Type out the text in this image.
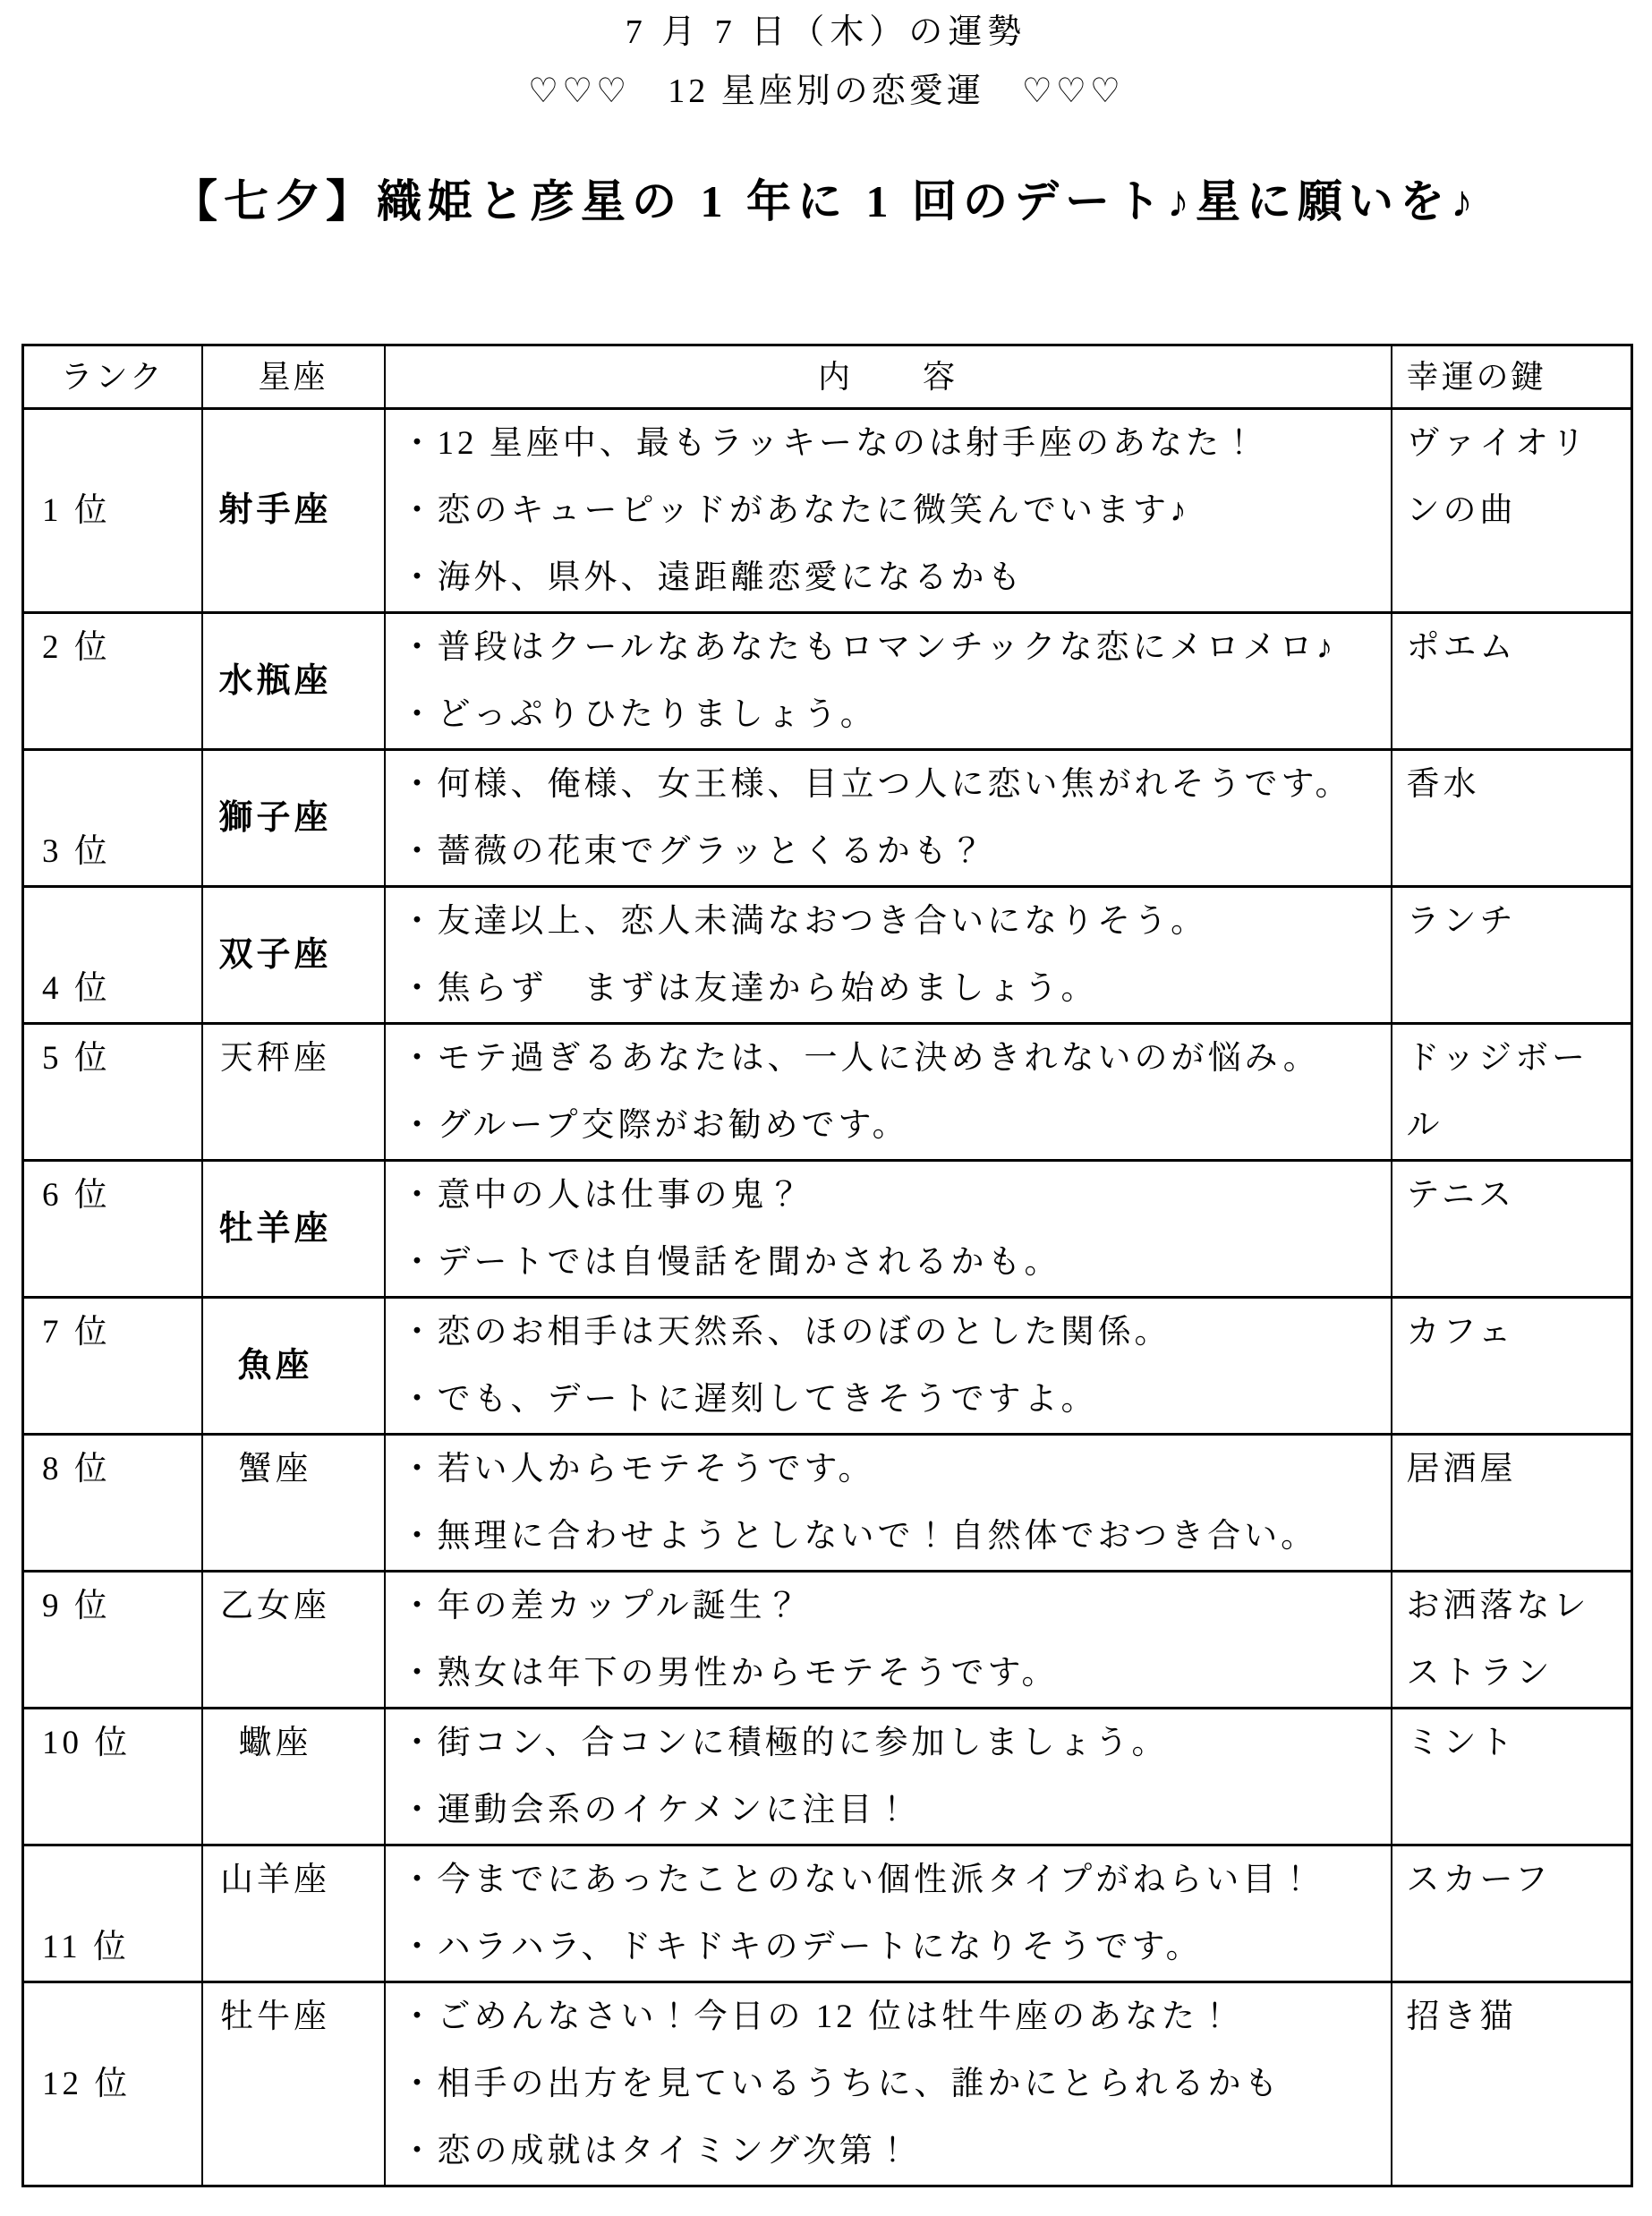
7 月 7 日（木）の運勢
♡♡♡　12 星座別の恋愛運　♡♡♡
【七夕】織姫と彦星の 1 年に 1 回のデート♪星に願いを♪
ランク	星座	内　　容	幸運の鍵
1 位	射手座	・12 星座中、最もラッキーなのは射手座のあなた！
・恋のキューピッドがあなたに微笑んでいます♪
・海外、県外、遠距離恋愛になるかも	ヴァイオリンの曲
2 位	水瓶座	・普段はクールなあなたもロマンチックな恋にメロメロ♪
・どっぷりひたりましょう。	ポエム
3 位	獅子座	・何様、俺様、女王様、目立つ人に恋い焦がれそうです。
・薔薇の花束でグラッとくるかも？	香水
4 位	双子座	・友達以上、恋人未満なおつき合いになりそう。
・焦らず　まずは友達から始めましょう。	ランチ
5 位	天秤座	・モテ過ぎるあなたは、一人に決めきれないのが悩み。
・グループ交際がお勧めです。	ドッジボール
6 位	牡羊座	・意中の人は仕事の鬼？
・デートでは自慢話を聞かされるかも。	テニス
7 位	魚座	・恋のお相手は天然系、ほのぼのとした関係。
・でも、デートに遅刻してきそうですよ。	カフェ
8 位	蟹座	・若い人からモテそうです。
・無理に合わせようとしないで！自然体でおつき合い。	居酒屋
9 位	乙女座	・年の差カップル誕生？
・熟女は年下の男性からモテそうです。	お洒落なレストラン
10 位	蠍座	・街コン、合コンに積極的に参加しましょう。
・運動会系のイケメンに注目！	ミント
11 位	山羊座	・今までにあったことのない個性派タイプがねらい目！
・ハラハラ、ドキドキのデートになりそうです。	スカーフ
12 位	牡牛座	・ごめんなさい！今日の 12 位は牡牛座のあなた！
・相手の出方を見ているうちに、誰かにとられるかも
・恋の成就はタイミング次第！	招き猫
